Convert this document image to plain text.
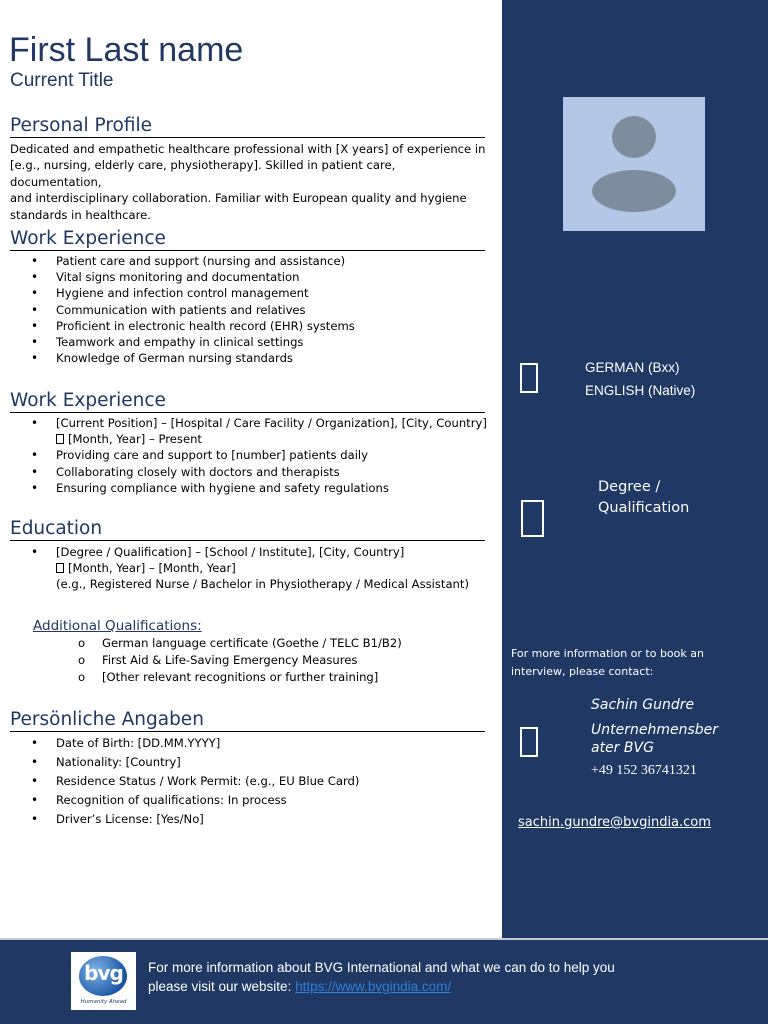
First Last name
Current Title
Personal Profile
Dedicated and empathetic healthcare professional with [X years] of experience in
[e.g., nursing, elderly care, physiotherapy]. Skilled in patient care, documentation,
and interdisciplinary collaboration. Familiar with European quality and hygiene
standards in healthcare.
Work Experience
• Patient care and support (nursing and assistance)
• Vital signs monitoring and documentation
• Hygiene and infection control management
• Communication with patients and relatives
• Proficient in electronic health record (EHR) systems
• Teamwork and empathy in clinical settings
• Knowledge of German nursing standards
Work Experience
• [Current Position] – [Hospital / Care Facility / Organization], [City, Country]
[Month, Year] – Present
• Providing care and support to [number] patients daily
• Collaborating closely with doctors and therapists
• Ensuring compliance with hygiene and safety regulations
Education
• [Degree / Qualification] – [School / Institute], [City, Country]
[Month, Year] – [Month, Year]
(e.g., Registered Nurse / Bachelor in Physiotherapy / Medical Assistant)
Additional Qualifications:
o German language certificate (Goethe / TELC B1/B2)
o First Aid & Life-Saving Emergency Measures
o [Other relevant recognitions or further training]
Persönliche Angaben
• Date of Birth: [DD.MM.YYYY]
• Nationality: [Country]
• Residence Status / Work Permit: (e.g., EU Blue Card)
• Recognition of qualifications: In process
• Driver’s License: [Yes/No]
GERMAN (Bxx)
ENGLISH (Native)
Degree /
Qualification
For more information or to book an
interview, please contact:
Sachin Gundre
Unternehmensber
ater BVG
+49 152 36741321
sachin.gundre@bvgindia.com
bvg
Humanity Ahead
For more information about BVG International and what we can do to help you
please visit our website: https://www.bvgindia.com/
